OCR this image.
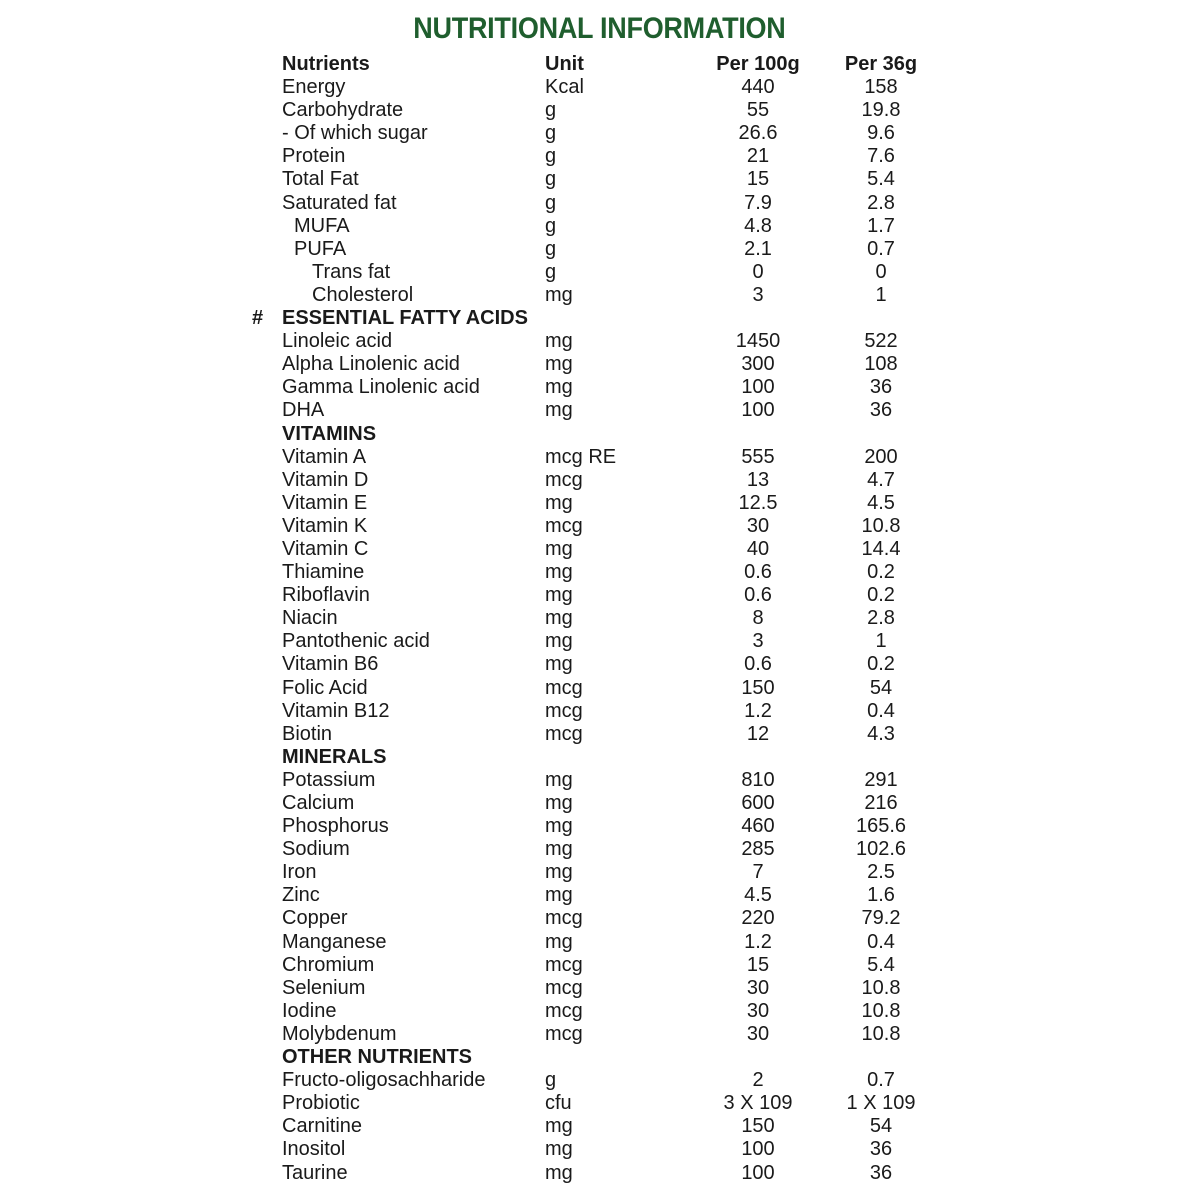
NUTRITIONAL INFORMATION
Nutrients	Unit	Per 100g	Per 36g
Energy	Kcal	440	158
Carbohydrate	g	55	19.8
- Of which sugar	g	26.6	9.6
Protein	g	21	7.6
Total Fat	g	15	5.4
Saturated fat	g	7.9	2.8
MUFA	g	4.8	1.7
PUFA	g	2.1	0.7
Trans fat	g	0	0
Cholesterol	mg	3	1
# ESSENTIAL FATTY ACIDS
Linoleic acid	mg	1450	522
Alpha Linolenic acid	mg	300	108
Gamma Linolenic acid	mg	100	36
DHA	mg	100	36
VITAMINS
Vitamin A	mcg RE	555	200
Vitamin D	mcg	13	4.7
Vitamin E	mg	12.5	4.5
Vitamin K	mcg	30	10.8
Vitamin C	mg	40	14.4
Thiamine	mg	0.6	0.2
Riboflavin	mg	0.6	0.2
Niacin	mg	8	2.8
Pantothenic acid	mg	3	1
Vitamin B6	mg	0.6	0.2
Folic Acid	mcg	150	54
Vitamin B12	mcg	1.2	0.4
Biotin	mcg	12	4.3
MINERALS
Potassium	mg	810	291
Calcium	mg	600	216
Phosphorus	mg	460	165.6
Sodium	mg	285	102.6
Iron	mg	7	2.5
Zinc	mg	4.5	1.6
Copper	mcg	220	79.2
Manganese	mg	1.2	0.4
Chromium	mcg	15	5.4
Selenium	mcg	30	10.8
Iodine	mcg	30	10.8
Molybdenum	mcg	30	10.8
OTHER NUTRIENTS
Fructo-oligosachharide	g	2	0.7
Probiotic	cfu	3 X 109	1 X 109
Carnitine	mg	150	54
Inositol	mg	100	36
Taurine	mg	100	36
